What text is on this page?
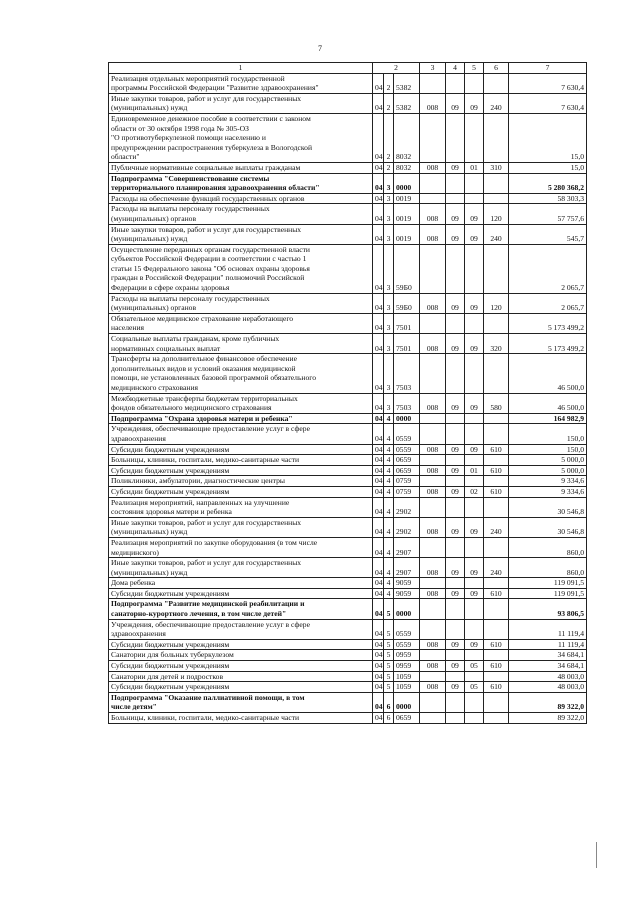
7
1	2			3	4	5	6	7
Реализация отдельных мероприятий государственной
программы Российской Федерации "Развитие здравоохранения"	04	2	5382					7 630,4
Иные закупки товаров, работ и услуг для государственных
(муниципальных) нужд	04	2	5382	008	09	09	240	7 630,4
Единовременное денежное пособие в соответствии с законом
области от 30 октября 1998 года № 305-ОЗ
"О противотуберкулезной помощи населению и
предупреждении распространения туберкулеза в Вологодской
области"	04	2	8032					15,0
Публичные нормативные социальные выплаты гражданам	04	2	8032	008	09	01	310	15,0
Подпрограмма "Совершенствование системы
территориального планирования здравоохранения области"	04	3	0000					5 280 368,2
Расходы на обеспечение функций государственных органов	04	3	0019					58 303,3
Расходы на выплаты персоналу государственных
(муниципальных) органов	04	3	0019	008	09	09	120	57 757,6
Иные закупки товаров, работ и услуг для государственных
(муниципальных) нужд	04	3	0019	008	09	09	240	545,7
Осуществление переданных органам государственной власти
субъектов Российской Федерации в соответствии с частью 1
статьи 15 Федерального закона "Об основах охраны здоровья
граждан в Российской Федерации" полномочий Российской
Федерации в сфере охраны здоровья	04	3	59Б0					2 065,7
Расходы на выплаты персоналу государственных
(муниципальных) органов	04	3	59Б0	008	09	09	120	2 065,7
Обязательное медицинское страхование неработающего
населения	04	3	7501					5 173 499,2
Социальные выплаты гражданам, кроме публичных
нормативных социальных выплат	04	3	7501	008	09	09	320	5 173 499,2
Трансферты на дополнительное финансовое обеспечение
дополнительных видов и условий оказания медицинской
помощи, не установленных базовой программой обязательного
медицинского страхования	04	3	7503					46 500,0
Межбюджетные трансферты бюджетам территориальных
фондов обязательного медицинского страхования	04	3	7503	008	09	09	580	46 500,0
Подпрограмма "Охрана здоровья матери и ребенка"	04	4	0000					164 982,9
Учреждения, обеспечивающие предоставление услуг в сфере
здравоохранения	04	4	0559					150,0
Субсидии бюджетным учреждениям	04	4	0559	008	09	09	610	150,0
Больницы, клиники, госпитали, медико-санитарные части	04	4	0659					5 000,0
Субсидии бюджетным учреждениям	04	4	0659	008	09	01	610	5 000,0
Поликлиники, амбулатории, диагностические центры	04	4	0759					9 334,6
Субсидии бюджетным учреждениям	04	4	0759	008	09	02	610	9 334,6
Реализация мероприятий, направленных на улучшение
состояния здоровья матери и ребенка	04	4	2902					30 546,8
Иные закупки товаров, работ и услуг для государственных
(муниципальных) нужд	04	4	2902	008	09	09	240	30 546,8
Реализация мероприятий по закупке оборудования (в том числе
медицинского)	04	4	2907					860,0
Иные закупки товаров, работ и услуг для государственных
(муниципальных) нужд	04	4	2907	008	09	09	240	860,0
Дома ребенка	04	4	9059					119 091,5
Субсидии бюджетным учреждениям	04	4	9059	008	09	09	610	119 091,5
Подпрограмма "Развитие медицинской реабилитации и
санаторно-курортного лечения, в том числе детей"	04	5	0000					93 806,5
Учреждения, обеспечивающие предоставление услуг в сфере
здравоохранения	04	5	0559					11 119,4
Субсидии бюджетным учреждениям	04	5	0559	008	09	09	610	11 119,4
Санатории для больных туберкулезом	04	5	0959					34 684,1
Субсидии бюджетным учреждениям	04	5	0959	008	09	05	610	34 684,1
Санатории для детей и подростков	04	5	1059					48 003,0
Субсидии бюджетным учреждениям	04	5	1059	008	09	05	610	48 003,0
Подпрограмма "Оказание паллиативной помощи, в том
числе детям"	04	6	0000					89 322,0
Больницы, клиники, госпитали, медико-санитарные части	04	6	0659					89 322,0
